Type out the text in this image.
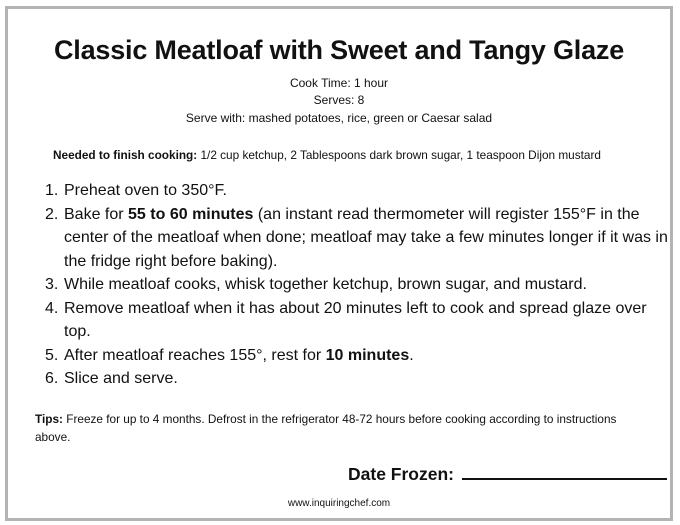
Classic Meatloaf with Sweet and Tangy Glaze
Cook Time: 1 hour
Serves: 8
Serve with: mashed potatoes, rice, green or Caesar salad
Needed to finish cooking: 1/2 cup ketchup, 2 Tablespoons dark brown sugar, 1 teaspoon Dijon mustard
1. Preheat oven to 350°F.
2. Bake for 55 to 60 minutes (an instant read thermometer will register 155°F in the center of the meatloaf when done; meatloaf may take a few minutes longer if it was in the fridge right before baking).
3. While meatloaf cooks, whisk together ketchup, brown sugar, and mustard.
4. Remove meatloaf when it has about 20 minutes left to cook and spread glaze over top.
5. After meatloaf reaches 155°, rest for 10 minutes.
6. Slice and serve.
Tips: Freeze for up to 4 months. Defrost in the refrigerator 48-72 hours before cooking according to instructions above.
Date Frozen:
www.inquiringchef.com
